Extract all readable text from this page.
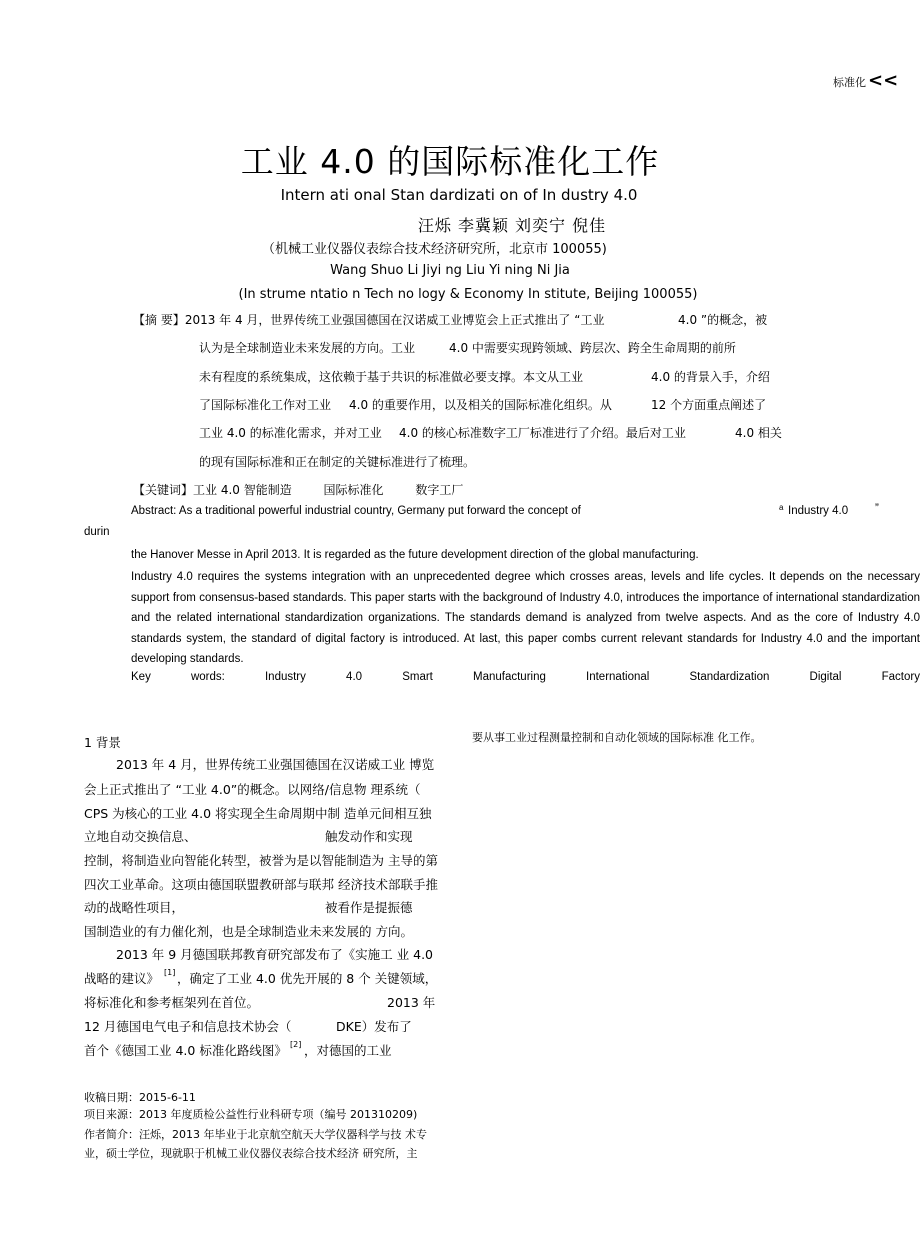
标准化 <<
工业 4.0 的国际标准化工作
Intern ati onal Stan dardizati on of In dustry 4.0
汪烁 李冀颖 刘奕宁 倪佳
（机械工业仪器仪表综合技术经济研究所，北京市 100055)
Wang Shuo Li Jiyi ng Liu Yi ning Ni Jia
(In strume ntatio n Tech no logy & Economy In stitute, Beijing 100055)
【摘 要】2013 年 4 月，世界传统工业强国德国在汉诺威工业博览会上正式推出了 “工业	4.0 ”的概念，被
认为是全球制造业未来发展的方向。工业	4.0 中需要实现跨领域、跨层次、跨全生命周期的前所
未有程度的系统集成，这依赖于基于共识的标准做必要支撑。本文从工业	4.0 的背景入手，介绍
了国际标准化工作对工业 4.0 的重要作用，以及相关的国际标准化组织。从	12 个方面重点阐述了
工业 4.0 的标准化需求，并对工业 4.0 的核心标准数字工厂标准进行了介绍。最后对工业	4.0 相关
的现有国际标准和正在制定的关键标准进行了梳理。
【关键词】工业 4.0 智能制造	国际标准化	数字工厂
Abstract: As a traditional powerful industrial country, Germany put forward the concept of	a Industry 4.0 ”
durin
the Hanover Messe in April 2013. It is regarded as the future development direction of the global manufacturing.
Industry 4.0 requires the systems integration with an unprecedented degree which crosses areas, levels and life cycles. It depends on the necessary support from consensus-based standards. This paper starts with the background of Industry 4.0, introduces the importance of international standardization and the related international standardization organizations. The standards demand is analyzed from twelve aspects. And as the core of Industry 4.0 standards system, the standard of digital factory is introduced. At last, this paper combs current relevant standards for Industry 4.0 and the important developing standards.
Key	words:	Industry	4.0	Smart	Manufacturing	International	Standardization	Digital	Factory
1 背景
2013 年 4 月，世界传统工业强国德国在汉诺威工业 博览
会上正式推出了 “工业 4.0”的概念。以网络/信息物 理系统（
CPS 为核心的工业 4.0 将实现全生命周期中制 造单元间相互独
立地自动交换信息、	触发动作和实现
控制，将制造业向智能化转型，被誉为是以智能制造为 主导的第
四次工业革命。这项由德国联盟教研部与联邦 经济技术部联手推
动的战略性项目，	被看作是提振德
国制造业的有力催化剂，也是全球制造业未来发展的 方向。
2013 年 9 月德国联邦教育研究部发布了《实施工 业 4.0
战略的建议》 [1] ，确定了工业 4.0 优先开展的 8 个 关键领域，
将标准化和参考框架列在首位。	2013 年
12 月德国电气电子和信息技术协会（	DKE）发布了
首个《德国工业 4.0 标准化路线图》 [2] ，对德国的工业
要从事工业过程测量控制和自动化领域的国际标准 化工作。
收稿日期：2015-6-11
项目来源：2013 年度质检公益性行业科研专项（编号 201310209)
作者简介：汪烁，2013 年毕业于北京航空航天大学仪器科学与技 术专
业，硕士学位，现就职于机械工业仪器仪表综合技术经济 研究所，主
